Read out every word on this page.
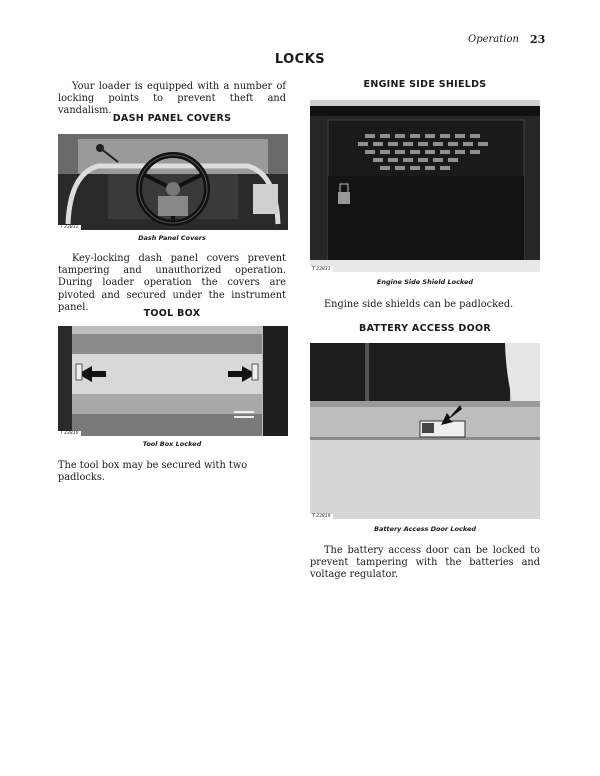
Operation 23
LOCKS
Your loader is equipped with a number of locking points to prevent theft and vandalism.
DASH PANEL COVERS
T 23811
Dash Panel Covers
Key-locking dash panel covers prevent tampering and unauthorized operation. During loader operation the covers are pivoted and secured under the instrument panel.
TOOL BOX
T 23810
Tool Box Locked
The tool box may be secured with two padlocks.
ENGINE SIDE SHIELDS
T 23831
Engine Side Shield Locked
Engine side shields can be padlocked.
BATTERY ACCESS DOOR
T 23819
Battery Access Door Locked
The battery access door can be locked to prevent tampering with the batteries and voltage regulator.
